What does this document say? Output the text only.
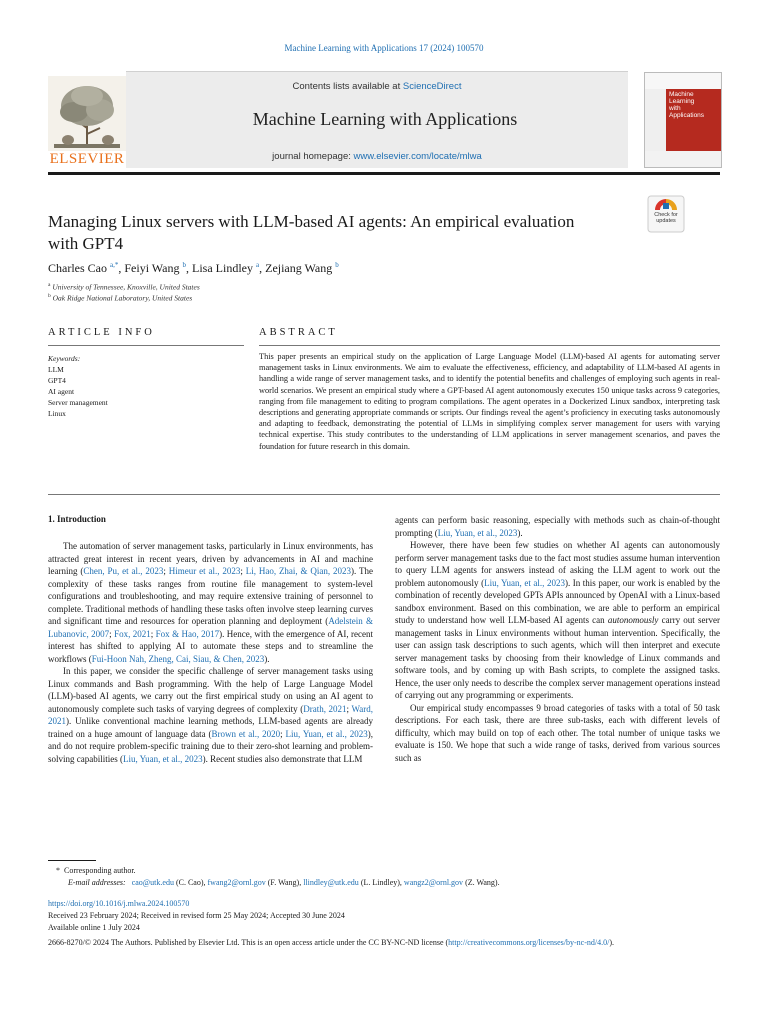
Machine Learning with Applications 17 (2024) 100570
Contents lists available at ScienceDirect
Machine Learning with Applications
journal homepage: www.elsevier.com/locate/mlwa
ELSEVIER
Machine
Learning
with
Applications
Managing Linux servers with LLM-based AI agents: An empirical evaluation
with GPT4
Check for
updates
Charles Cao $^{a,*}$, Feiyi Wang $^b$, Lisa Lindley $^a$, Zejiang Wang $^b$
$^a$ University of Tennessee, Knoxville, United States
$^b$ Oak Ridge National Laboratory, United States
ARTICLE INFO	ABSTRACT
Keywords:
LLM
GPT4
AI agent
Server management
Linux
This paper presents an empirical study on the application of Large Language Model (LLM)-based AI agents for automating server management tasks in Linux environments. We aim to evaluate the effectiveness, efficiency, and adaptability of LLM-based AI agents in handling a wide range of server management tasks, and to identify the potential benefits and challenges of employing such agents in real-world scenarios. We present an empirical study where a GPT-based AI agent autonomously executes 150 unique tasks across 9 categories, ranging from file management to editing to program compilations. The agent operates in a Dockerized Linux sandbox, interpreting task descriptions and generating appropriate commands or scripts. Our findings reveal the agent’s proficiency in executing tasks autonomously and adapting to feedback, demonstrating the potential of LLMs in simplifying complex server management for users with varying technical expertise. This study contributes to the understanding of LLM applications in server management scenarios, and paves the foundation for future research in this domain.
1. Introduction

The automation of server management tasks, particularly in Linux environments, has attracted great interest in recent years, driven by advancements in AI and machine learning (Chen, Pu, et al., 2023; Himeur et al., 2023; Li, Hao, Zhai, & Qian, 2023). The complexity of these tasks ranges from routine file management to system-level configurations and troubleshooting, and may require extensive training of personnel to complete. Traditional methods of handling these tasks often involve steep learning curves and significant time and resources for operation planning and deployment (Adelstein & Lubanovic, 2007; Fox, 2021; Fox & Hao, 2017). Hence, with the emergence of AI, recent interest has shifted to applying AI to automate these steps and to streamline the workflows (Fui-Hoon Nah, Zheng, Cai, Siau, & Chen, 2023).

In this paper, we consider the specific challenge of server management tasks using Linux commands and Bash programming. With the help of Large Language Model (LLM)-based AI agents, we carry out the first empirical study on using an AI agent to autonomously complete such tasks of varying degrees of complexity (Drath, 2021; Ward, 2021). Unlike conventional machine learning methods, LLM-based agents are already trained on a huge amount of language data (Brown et al., 2020; Liu, Yuan, et al., 2023), and do not require problem-specific training due to their zero-shot learning and problem-solving capabilities (Liu, Yuan, et al., 2023). Recent studies also demonstrate that LLM

agents can perform basic reasoning, especially with methods such as chain-of-thought prompting (Liu, Yuan, et al., 2023).

However, there have been few studies on whether AI agents can autonomously perform server management tasks due to the fact most studies assume human intervention to query LLM agents for answers instead of asking the LLM agent to work out the problem autonomously (Liu, Yuan, et al., 2023). In this paper, our work is enabled by the combination of recently developed GPTs APIs announced by OpenAI with a Linux-based sandbox environment. Based on this combination, we are able to perform an empirical study to understand how well LLM-based AI agents can autonomously carry out server management tasks in Linux environments without human intervention. Specifically, the user can assign task descriptions to such agents, which will then interpret and execute server management tasks by choosing from their knowledge of Linux commands and software tools, and by coming up with Bash scripts, to complete the assigned tasks. Hence, the user only needs to describe the complex server management operations instead of carrying out any programming or experiments.

Our empirical study encompasses 9 broad categories of tasks with a total of 50 task descriptions. For each task, there are three sub-tasks, each with different levels of difficulty, which may build on top of each other. The total number of unique tasks we evaluate is 150. We hope that such a wide range of tasks, derived from various sources such as

* Corresponding author.
E-mail addresses: cao@utk.edu (C. Cao), fwang2@ornl.gov (F. Wang), llindley@utk.edu (L. Lindley), wangz2@ornl.gov (Z. Wang).
https://doi.org/10.1016/j.mlwa.2024.100570
Received 23 February 2024; Received in revised form 25 May 2024; Accepted 30 June 2024
Available online 1 July 2024
2666-8270/© 2024 The Authors. Published by Elsevier Ltd. This is an open access article under the CC BY-NC-ND license (http://creativecommons.org/licenses/by-nc-nd/4.0/).
